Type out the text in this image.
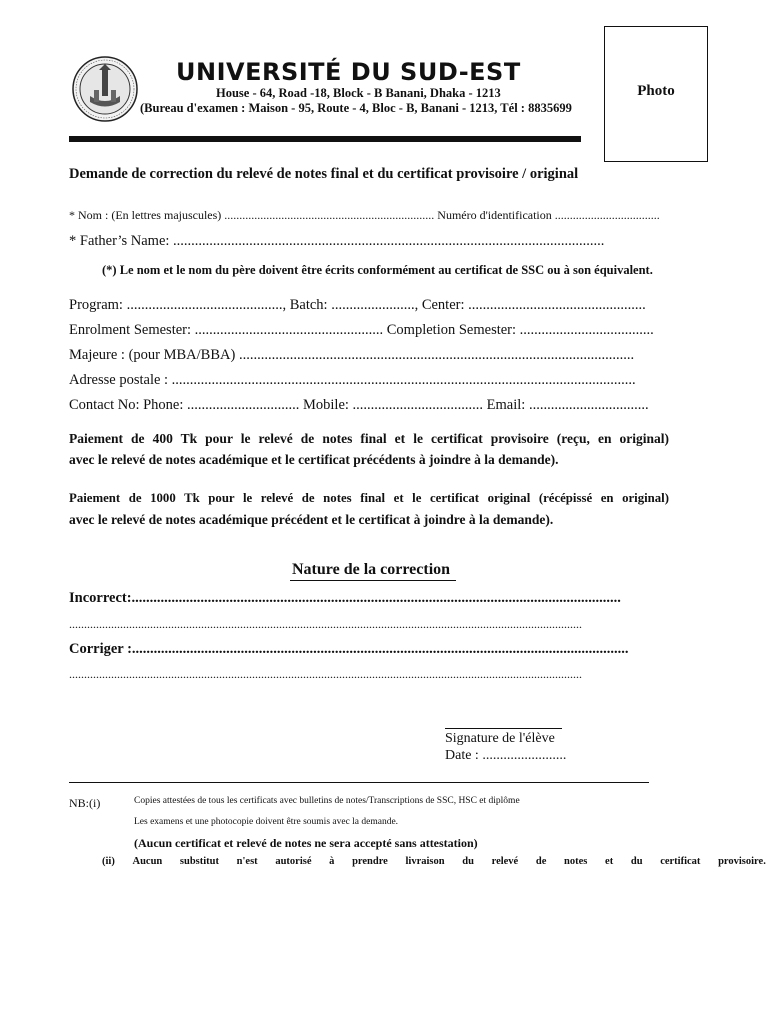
UNIVERSITÉ DU SUD-EST
House - 64, Road -18, Block - B Banani, Dhaka - 1213
(Bureau d'examen : Maison - 95, Route - 4, Bloc - B, Banani - 1213, Tél : 8835699
Photo
Demande de correction du relevé de notes final et du certificat provisoire / original
* Nom : (En lettres majuscules) ...................................................................... Numéro d'identification ...................................
* Father’s Name: .......................................................................................................................
(*) Le nom et le nom du père doivent être écrits conformément au certificat de SSC ou à son équivalent.
Program: ..........................................., Batch: ......................., Center: .................................................
Enrolment Semester: .................................................... Completion Semester: .....................................
Majeure : (pour MBA/BBA) .............................................................................................................
Adresse postale : ................................................................................................................................
Contact No: Phone: ............................... Mobile: .................................... Email: .................................
Paiement de 400 Tk pour le relevé de notes final et le certificat provisoire (reçu, en original)
avec le relevé de notes académique et le certificat précédents à joindre à la demande).
Paiement de 1000 Tk pour le relevé de notes final et le certificat original (récépissé en original)
avec le relevé de notes académique précédent et le certificat à joindre à la demande).
Nature de la correction
Incorrect:.......................................................................................................................................
...........................................................................................................................................................................
Corriger :.........................................................................................................................................
...........................................................................................................................................................................
Signature de l'élève
Date : ........................
NB:(i)	Copies attestées de tous les certificats avec bulletins de notes/Transcriptions de SSC, HSC et diplôme
Les examens et une photocopie doivent être soumis avec la demande.
(Aucun certificat et relevé de notes ne sera accepté sans attestation)
(ii) Aucun substitut n'est autorisé à prendre livraison du relevé de notes et du certificat provisoire.
